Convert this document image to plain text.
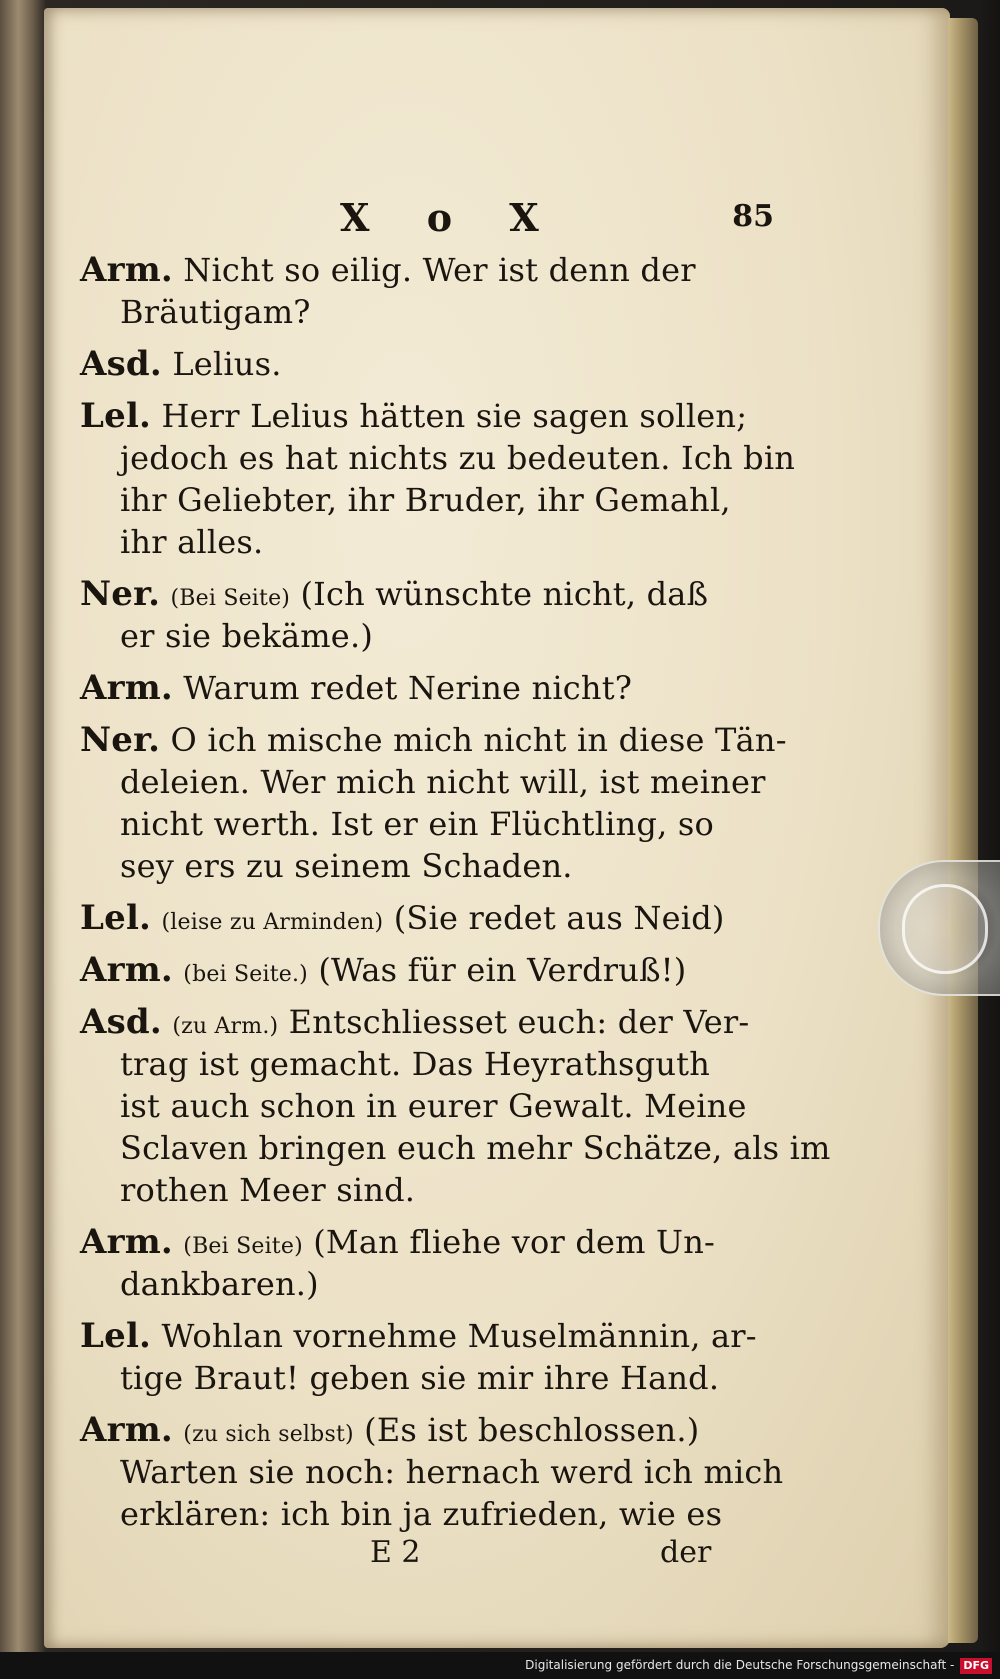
X o X	85
Arm. Nicht so eilig. Wer ist denn der
Bräutigam?
Asd. Lelius.
Lel. Herr Lelius hätten sie sagen sollen;
jedoch es hat nichts zu bedeuten. Ich bin
ihr Geliebter, ihr Bruder, ihr Gemahl,
ihr alles.
Ner. (Bei Seite) (Ich wünschte nicht, daß
er sie bekäme.)
Arm. Warum redet Nerine nicht?
Ner. O ich mische mich nicht in diese Tän-
deleien. Wer mich nicht will, ist meiner
nicht werth. Ist er ein Flüchtling, so
sey ers zu seinem Schaden.
Lel. (leise zu Arminden) (Sie redet aus Neid)
Arm. (bei Seite.) (Was für ein Verdruß!)
Asd. (zu Arm.) Entschliesset euch: der Ver-
trag ist gemacht. Das Heyrathsguth
ist auch schon in eurer Gewalt. Meine
Sclaven bringen euch mehr Schätze, als im
rothen Meer sind.
Arm. (Bei Seite) (Man fliehe vor dem Un-
dankbaren.)
Lel. Wohlan vornehme Muselmännin, ar-
tige Braut! geben sie mir ihre Hand.
Arm. (zu sich selbst) (Es ist beschlossen.)
Warten sie noch: hernach werd ich mich
erklären: ich bin ja zufrieden, wie es
E 2	der
Digitalisierung gefördert durch die Deutsche Forschungsgemeinschaft - DFG
